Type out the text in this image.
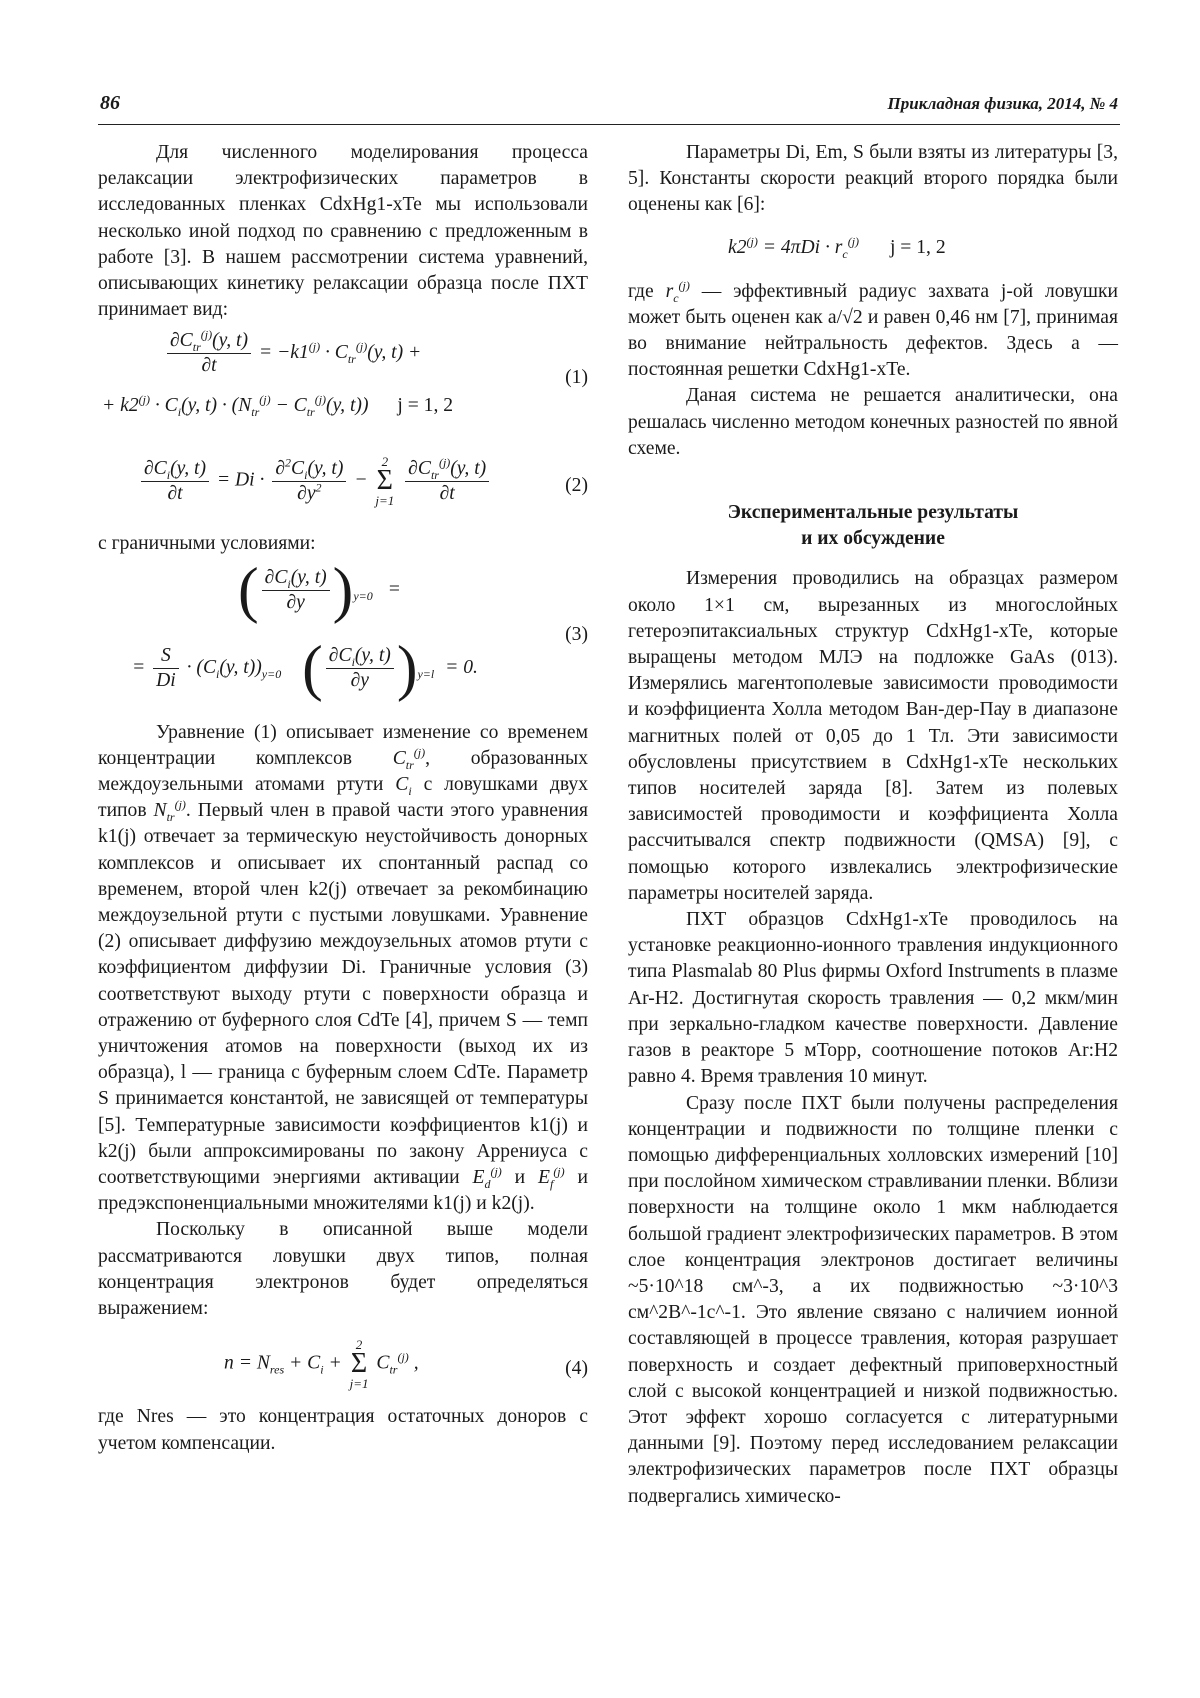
86	Прикладная физика, 2014, № 4

Для численного моделирования процесса релаксации электрофизических параметров в исследованных пленках CdxHg1-xTe мы использовали несколько иной подход по сравнению с предложенным в работе [3]. В нашем рассмотрении система уравнений, описывающих кинетику релаксации образца после ПХТ принимает вид:

$\frac{\partial C_{tr}^{(j)}(y, t)}{\partial t} = -k1^{(j)} \cdot C_{tr}^{(j)}(y$, t) +
+ $k2^{(j)} \cdot C_i(y$, $t) \cdot (N_{tr}^{(j)} - C_{tr}^{(j)}(y$, t)) j = 1, 2
(1)
$\frac{\partial C_i(y, t)}{\partial t} = Di \cdot \frac{\partial^2C_i(y, t)}{\partial y^2}$ −
2
Σ
j=1
$\frac{\partial C_{tr}^{(j)}(y, t)}{\partial t}$	(2)

с граничными условиями:

( $\frac{\partial C_i(y, t)}{\partial y} )_{y=0}$ =
= $\frac{S}{Di} \cdot (C_i(y$, $t))_{y=0}$ ( $\frac{\partial C_i(y, t)}{\partial y} )_{y=l} = 0$.
(3)

Уравнение (1) описывает изменение со временем концентрации комплексов $C_{tr}^{(j)}$, образованных междоузельными атомами ртути $C_i$ с ловушками двух типов $N_{tr}^{(j)}$. Первый член в правой части этого уравнения k1(j) отвечает за термическую неустойчивость донорных комплексов и описывает их спонтанный распад со временем, второй член k2(j) отвечает за рекомбинацию междоузельной ртути с пустыми ловушками. Уравнение (2) описывает диффузию междоузельных атомов ртути с коэффициентом диффузии Di. Граничные условия (3) соответствуют выходу ртути с поверхности образца и отражению от буферного слоя CdTe [4], причем S — темп уничтожения атомов на поверхности (выход их из образца), l — граница с буферным слоем CdTe. Параметр S принимается константой, не зависящей от температуры [5]. Температурные зависимости коэффициентов k1(j) и k2(j) были аппроксимированы по закону Аррениуса с соответствующими энергиями активации $E_d^{(j)}$ и $E_f^{(j)}$ и предэкспоненциальными множителями k1(j) и k2(j).

Поскольку в описанной выше модели рассматриваются ловушки двух типов, полная концентрация электронов будет определяться выражением:

$n = N_{res} + C_i$ +
2
Σ
j=1
$C_{tr}^{(j)}$ ,	(4)

где Nres — это концентрация остаточных доноров с учетом компенсации.

Параметры Di, Em, S были взяты из литературы [3, 5]. Константы скорости реакций второго порядка были оценены как [6]:

$k2^{(j)} = 4\pi Di \cdot r_c^{(j)}$ j = 1, 2

где $r_c^{(j)}$ — эффективный радиус захвата j-ой ловушки может быть оценен как a/√2 и равен 0,46 нм [7], принимая во внимание нейтральность дефектов. Здесь a — постоянная решетки CdxHg1-xTe.

Даная система не решается аналитически, она решалась численно методом конечных разностей по явной схеме.

Экспериментальные результаты
и их обсуждение

Измерения проводились на образцах размером около 1×1 см, вырезанных из многослойных гетероэпитаксиальных структур CdxHg1-xTe, которые выращены методом МЛЭ на подложке GaAs (013). Измерялись магентополевые зависимости проводимости и коэффициента Холла методом Ван-дер-Пау в диапазоне магнитных полей от 0,05 до 1 Тл. Эти зависимости обусловлены присутствием в CdxHg1-xTe нескольких типов носителей заряда [8]. Затем из полевых зависимостей проводимости и коэффициента Холла рассчитывался спектр подвижности (QMSA) [9], с помощью которого извлекались электрофизические параметры носителей заряда.

ПХТ образцов CdxHg1-xTe проводилось на установке реакционно-ионного травления индукционного типа Plasmalab 80 Plus фирмы Oxford Instruments в плазме Ar-H2. Достигнутая скорость травления — 0,2 мкм/мин при зеркально-гладком качестве поверхности. Давление газов в реакторе 5 мТорр, соотношение потоков Ar:H2 равно 4. Время травления 10 минут.

Сразу после ПХТ были получены распределения концентрации и подвижности по толщине пленки с помощью дифференциальных холловских измерений [10] при послойном химическом стравливании пленки. Вблизи поверхности на толщине около 1 мкм наблюдается большой градиент электрофизических параметров. В этом слое концентрация электронов достигает величины ~5·10^18 см^-3, а их подвижностью ~3·10^3 см^2В^-1с^-1. Это явление связано с наличием ионной составляющей в процессе травления, которая разрушает поверхность и создает дефектный приповерхностный слой с высокой концентрацией и низкой подвижностью. Этот эффект хорошо согласуется с литературными данными [9]. Поэтому перед исследованием релаксации электрофизических параметров после ПХТ образцы подвергались химическо-
